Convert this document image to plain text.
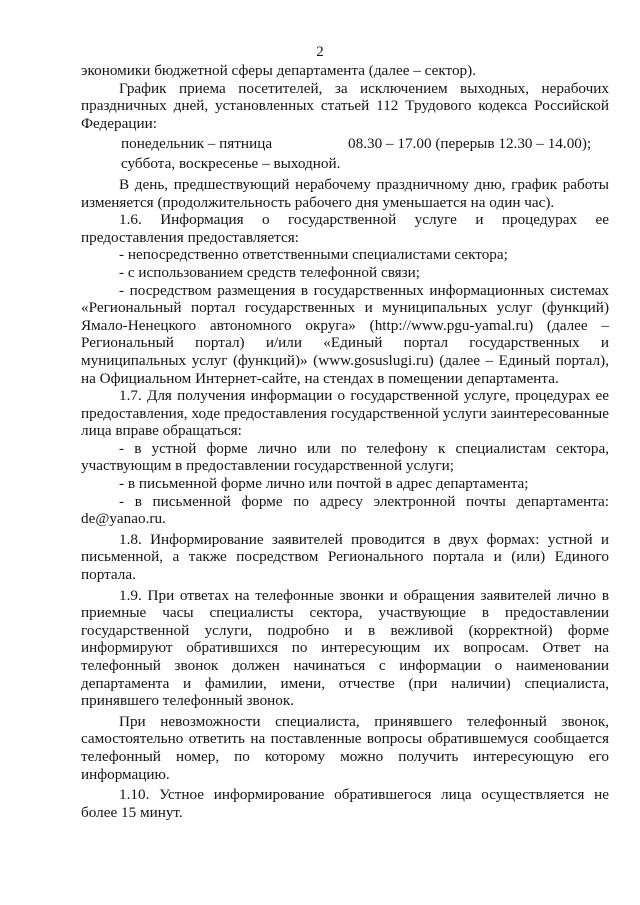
2

экономики бюджетной сферы департамента (далее – сектор).

График приема посетителей, за исключением выходных, нерабочих праздничных дней, установленных статьей 112 Трудового кодекса Российской Федерации:

понедельник – пятница	08.30 – 17.00 (перерыв 12.30 – 14.00);

суббота, воскресенье – выходной.

В день, предшествующий нерабочему праздничному дню, график работы изменяется (продолжительность рабочего дня уменьшается на один час).

1.6. Информация о государственной услуге и процедурах ее предоставления предоставляется:

- непосредственно ответственными специалистами сектора;

- с использованием средств телефонной связи;

- посредством размещения в государственных информационных системах «Региональный портал государственных и муниципальных услуг (функций) Ямало-Ненецкого автономного округа» (http://www.pgu-yamal.ru) (далее – Региональный портал) и/или «Единый портал государственных и муниципальных услуг (функций)» (www.gosuslugi.ru) (далее – Единый портал), на Официальном Интернет-сайте, на стендах в помещении департамента.

1.7. Для получения информации о государственной услуге, процедурах ее предоставления, ходе предоставления государственной услуги заинтересованные лица вправе обращаться:

- в устной форме лично или по телефону к специалистам сектора, участвующим в предоставлении государственной услуги;

- в письменной форме лично или почтой в адрес департамента;

- в письменной форме по адресу электронной почты департамента: de@yanao.ru.

1.8. Информирование заявителей проводится в двух формах: устной и письменной, а также посредством Регионального портала и (или) Единого портала.

1.9. При ответах на телефонные звонки и обращения заявителей лично в приемные часы специалисты сектора, участвующие в предоставлении государственной услуги, подробно и в вежливой (корректной) форме информируют обратившихся по интересующим их вопросам. Ответ на телефонный звонок должен начинаться с информации о наименовании департамента и фамилии, имени, отчестве (при наличии) специалиста, принявшего телефонный звонок.

При невозможности специалиста, принявшего телефонный звонок, самостоятельно ответить на поставленные вопросы обратившемуся сообщается телефонный номер, по которому можно получить интересующую его информацию.

1.10. Устное информирование обратившегося лица осуществляется не более 15 минут.
